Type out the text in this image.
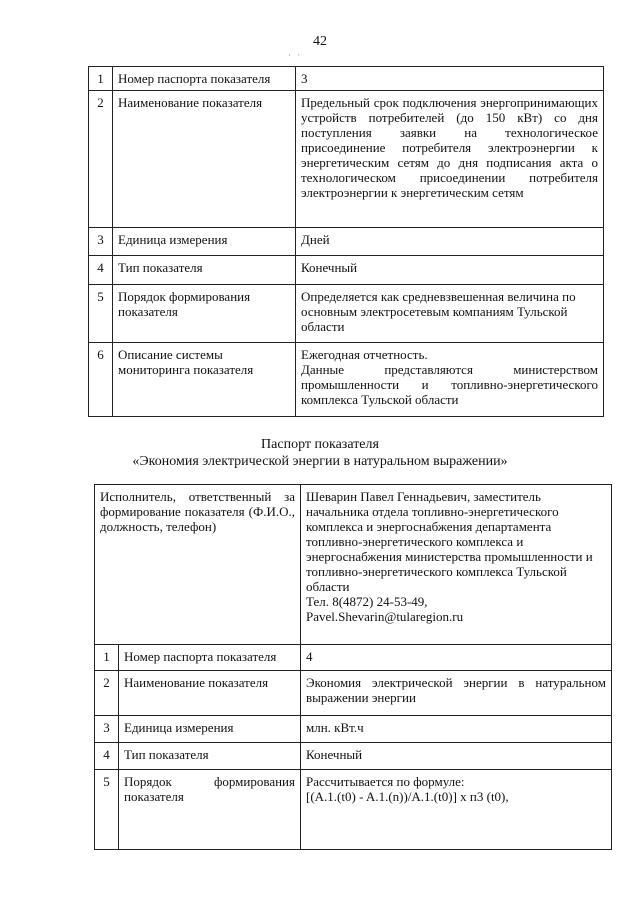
42
· ·
1	Номер паспорта показателя	3
2	Наименование показателя	Предельный срок подключения энергопринимающих устройств потребителей (до 150 кВт) со дня поступления заявки на технологическое присоединение потребителя электроэнергии к энергетическим сетям до дня подписания акта о технологическом присоединении потребителя электроэнергии к энергетическим сетям
3	Единица измерения	Дней
4	Тип показателя	Конечный
5	Порядок формирования показателя	Определяется как средневзвешенная величина по основным электросетевым компаниям Тульской области
6	Описание системы мониторинга показателя	Ежегодная отчетность.
Данные представляются министерством промышленности и топливно-энергетического комплекса Тульской области
Паспорт показателя
«Экономия электрической энергии в натуральном выражении»
Исполнитель, ответственный за формирование показателя (Ф.И.О., должность, телефон)		Шеварин Павел Геннадьевич, заместитель начальника отдела топливно-энергетического комплекса и энергоснабжения департамента топливно-энергетического комплекса и энергоснабжения министерства промышленности и топливно-энергетического комплекса Тульской области
Тел. 8(4872) 24-53-49,
Pavel.Shevarin@tularegion.ru

1	Номер паспорта показателя	4
2	Наименование показателя	Экономия электрической энергии в натуральном выражении энергии
3	Единица измерения	млн. кВт.ч
4	Тип показателя	Конечный
5	Порядок формирования показателя	Рассчитывается по формуле:
[(A.1.(t0) - A.1.(n))/A.1.(t0)] x п3 (t0),
